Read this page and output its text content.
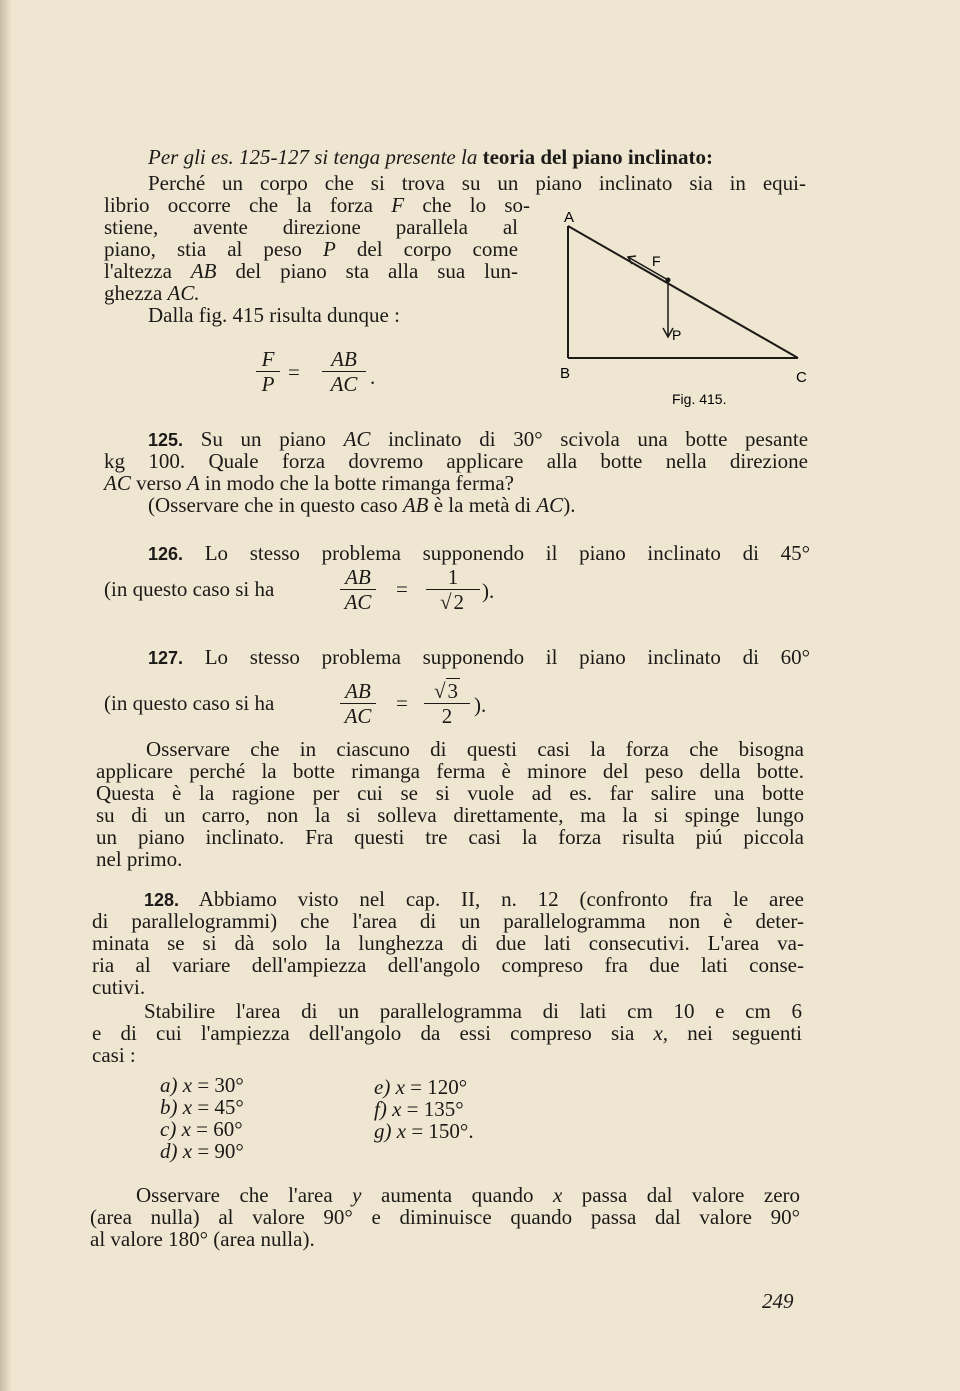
Per gli es. 125-127 si tenga presente la teoria del piano inclinato:
Perché un corpo che si trova su un piano inclinato sia in equi-
librio occorre che la forza F che lo so-
stiene, avente direzione parallela al
piano, stia al peso P del corpo come
l'altezza AB del piano sta alla sua lun-
ghezza AC.
Dalla fig. 415 risulta dunque :
$\frac{F}{P} = \frac{AB}{AC}$ .
A
B	C
F
P
Fig. 415.
125. Su un piano AC inclinato di 30° scivola una botte pesante
kg 100. Quale forza dovremo applicare alla botte nella direzione
AC verso A in modo che la botte rimanga ferma?
(Osservare che in questo caso AB è la metà di AC).
126. Lo stesso problema supponendo il piano inclinato di 45°
(in questo caso si ha	$\frac{AB}{AC} = \frac{1}{√2}$ ).
127. Lo stesso problema supponendo il piano inclinato di 60°
(in questo caso si ha	$\frac{AB}{AC} = \frac{√3}{2}$ ).
Osservare che in ciascuno di questi casi la forza che bisogna
applicare perché la botte rimanga ferma è minore del peso della botte.
Questa è la ragione per cui se si vuole ad es. far salire una botte
su di un carro, non la si solleva direttamente, ma la si spinge lungo
un piano inclinato. Fra questi tre casi la forza risulta piú piccola
nel primo.
128. Abbiamo visto nel cap. II, n. 12 (confronto fra le aree
di parallelogrammi) che l'area di un parallelogramma non è deter-
minata se si dà solo la lunghezza di due lati consecutivi. L'area va-
ria al variare dell'ampiezza dell'angolo compreso fra due lati conse-
cutivi.
Stabilire l'area di un parallelogramma di lati cm 10 e cm 6
e di cui l'ampiezza dell'angolo da essi compreso sia x, nei seguenti
casi :
a) x = 30°
b) x = 45°
c) x = 60°
d) x = 90°
e) x = 120°
f) x = 135°
g) x = 150°.
Osservare che l'area y aumenta quando x passa dal valore zero
(area nulla) al valore 90° e diminuisce quando passa dal valore 90°
al valore 180° (area nulla).
249
